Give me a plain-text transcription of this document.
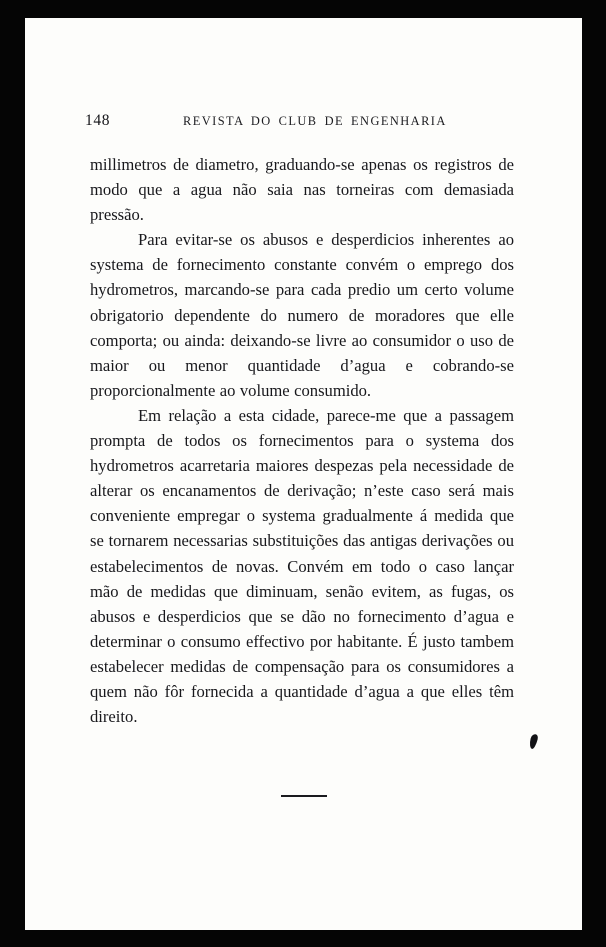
148	REVISTA DO CLUB DE ENGENHARIA

millimetros de diametro, graduando-se apenas os registros de modo que a agua não saia nas torneiras com demasiada pressão.

Para evitar-se os abusos e desperdicios inherentes ao systema de fornecimento constante convém o emprego dos hydrometros, marcando-se para cada predio um certo volume obrigatorio dependente do numero de moradores que elle comporta; ou ainda: deixando-se livre ao consumidor o uso de maior ou menor quantidade d’agua e cobrando-se proporcionalmente ao volume consumido.

Em relação a esta cidade, parece-me que a passagem prompta de todos os fornecimentos para o systema dos hydrometros acarretaria maiores despezas pela necessidade de alterar os encanamentos de derivação; n’este caso será mais conveniente empregar o systema gradualmente á medida que se tornarem necessarias substituições das antigas derivações ou estabelecimentos de novas. Convém em todo o caso lançar mão de medidas que diminuam, senão evitem, as fugas, os abusos e desperdicios que se dão no fornecimento d’agua e determinar o consumo effectivo por habitante. É justo tambem estabelecer medidas de compensação para os consumidores a quem não fôr fornecida a quantidade d’agua a que elles têm direito.
